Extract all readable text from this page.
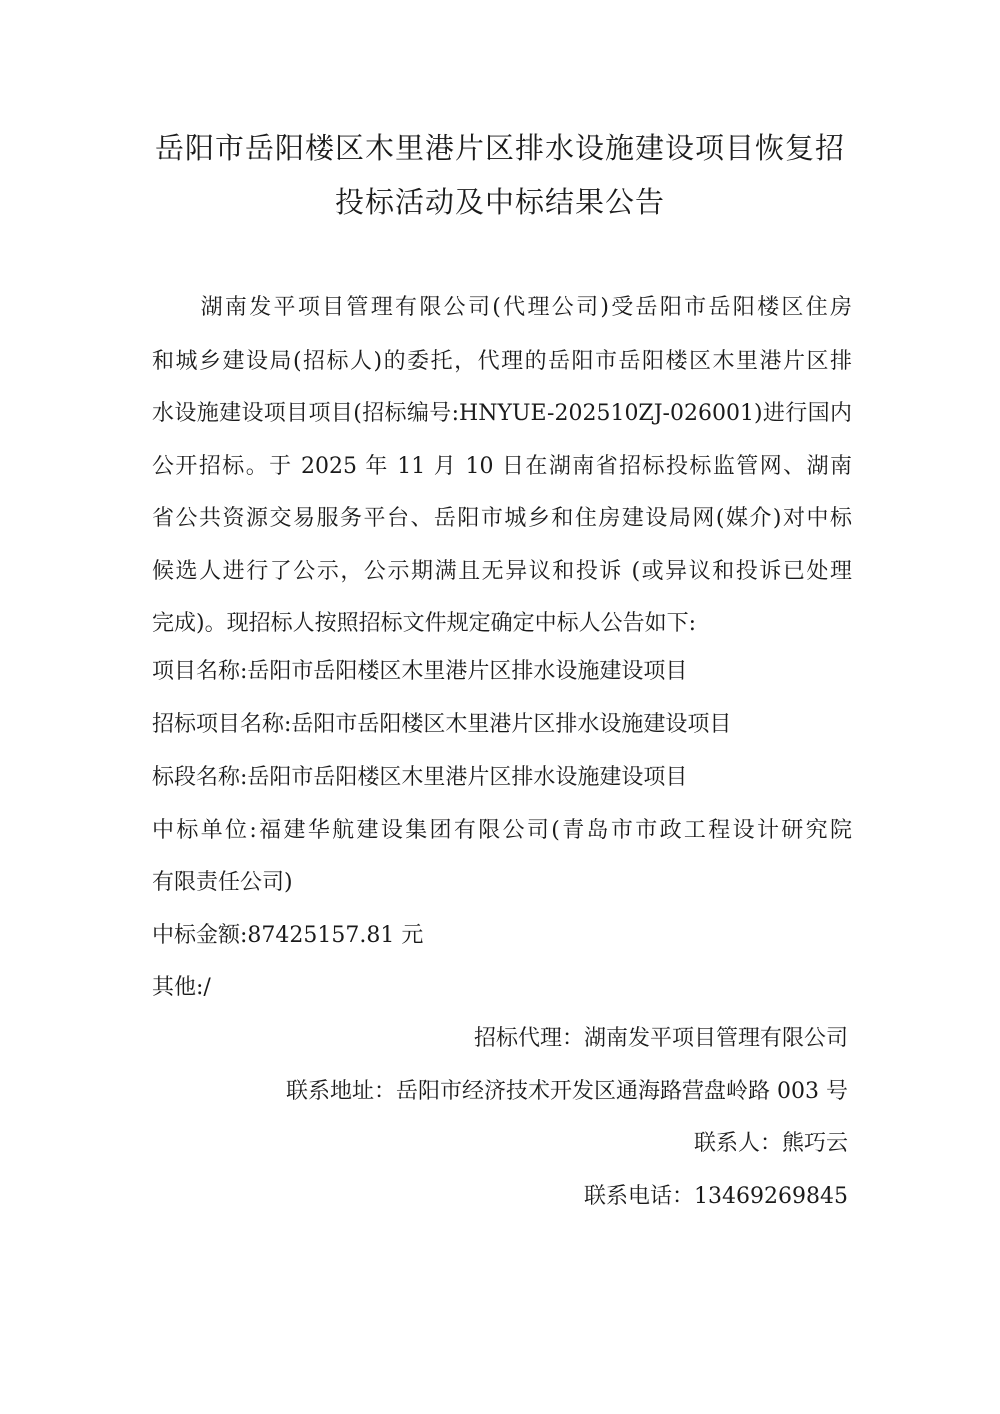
岳阳市岳阳楼区木里港片区排水设施建设项目恢复招
投标活动及中标结果公告
　　湖南发平项目管理有限公司(代理公司)受岳阳市岳阳楼区住房
和城乡建设局(招标人)的委托，代理的岳阳市岳阳楼区木里港片区排
水设施建设项目项目(招标编号:HNYUE-202510ZJ-026001)进行国内
公开招标。于 2025 年 11 月 10 日在湖南省招标投标监管网、湖南
省公共资源交易服务平台、岳阳市城乡和住房建设局网(媒介)对中标
候选人进行了公示，公示期满且无异议和投诉 (或异议和投诉已处理
完成)。现招标人按照招标文件规定确定中标人公告如下:
项目名称:岳阳市岳阳楼区木里港片区排水设施建设项目
招标项目名称:岳阳市岳阳楼区木里港片区排水设施建设项目
标段名称:岳阳市岳阳楼区木里港片区排水设施建设项目
中标单位:福建华航建设集团有限公司(青岛市市政工程设计研究院
有限责任公司)
中标金额:87425157.81 元
其他:/
招标代理：湖南发平项目管理有限公司
联系地址：岳阳市经济技术开发区通海路营盘岭路 003 号
联系人：熊巧云
联系电话：13469269845
